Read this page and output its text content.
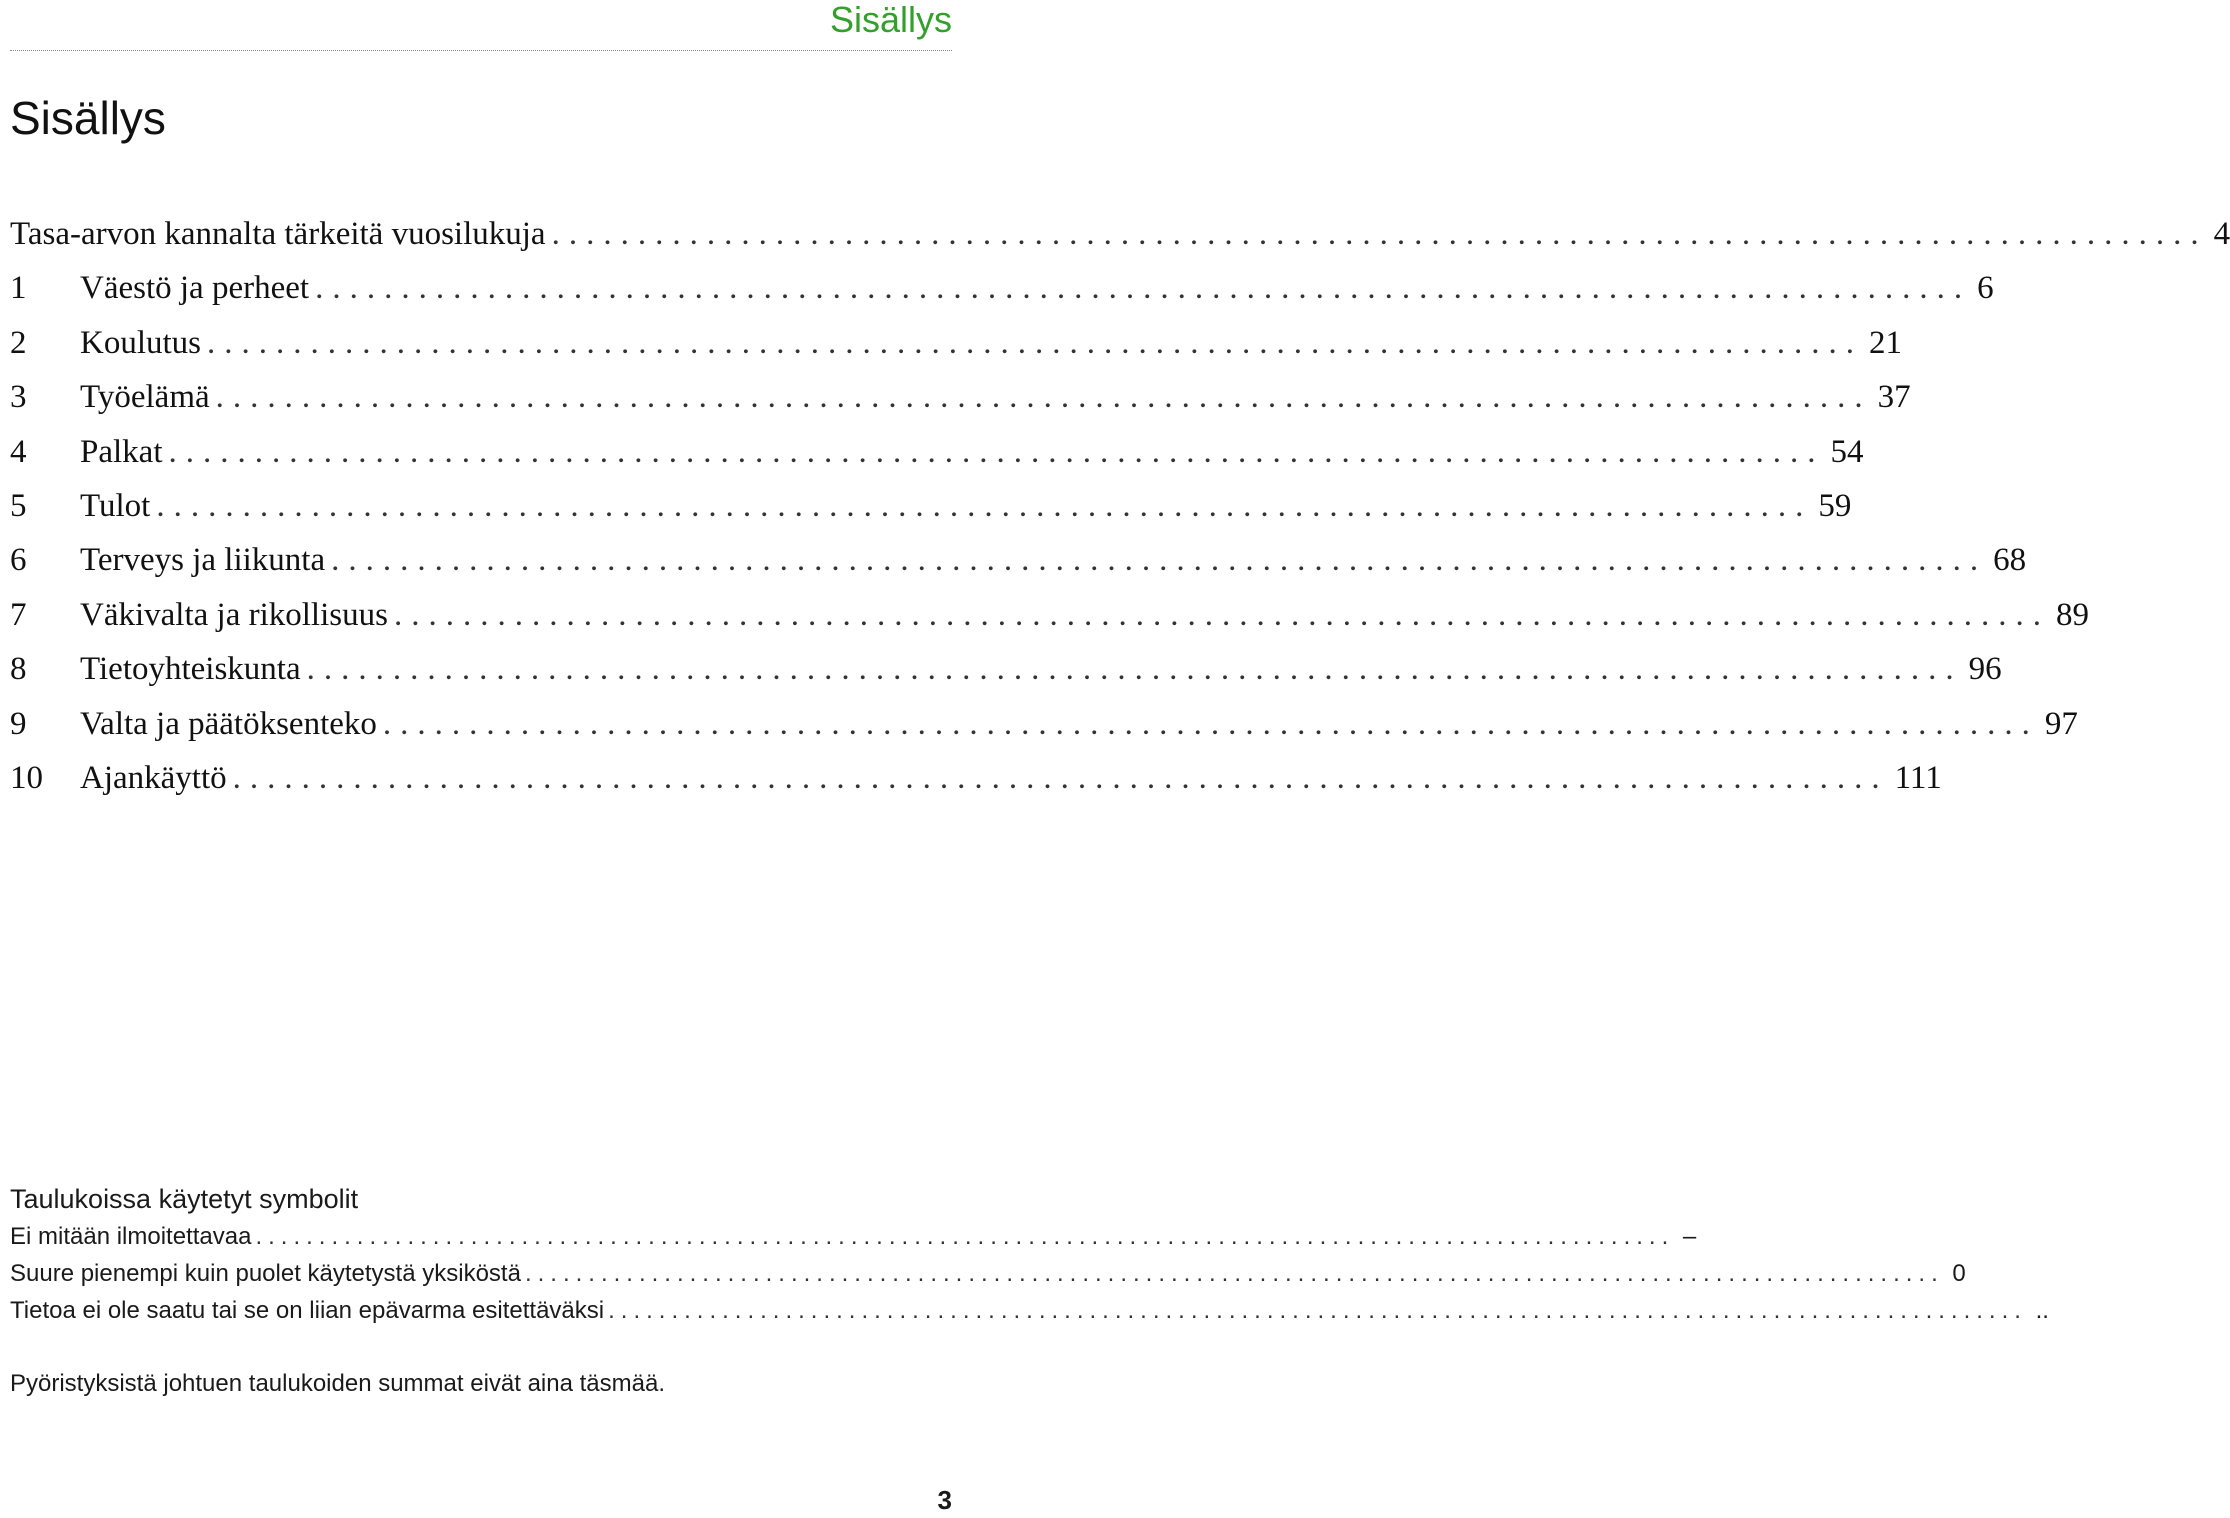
Sisällys
Sisällys
Tasa-arvon kannalta tärkeitä vuosilukuja ................................................................................................ 4
1	Väestö ja perheet ................................................................................................ 6
2	Koulutus ................................................................................................ 21
3	Työelämä ................................................................................................ 37
4	Palkat ................................................................................................ 54
5	Tulot ................................................................................................ 59
6	Terveys ja liikunta ................................................................................................ 68
7	Väkivalta ja rikollisuus ................................................................................................ 89
8	Tietoyhteiskunta ................................................................................................ 96
9	Valta ja päätöksenteko ................................................................................................ 97
10	Ajankäyttö ................................................................................................ 111
Taulukoissa käytetyt symbolit
Ei mitään ilmoitettavaa ................................................................................................................ –
Suure pienempi kuin puolet käytetystä yksiköstä ................................................................................................................ 0
Tietoa ei ole saatu tai se on liian epävarma esitettäväksi ................................................................................................................ ..

Pyöristyksistä johtuen taulukoiden summat eivät aina täsmää.

3
